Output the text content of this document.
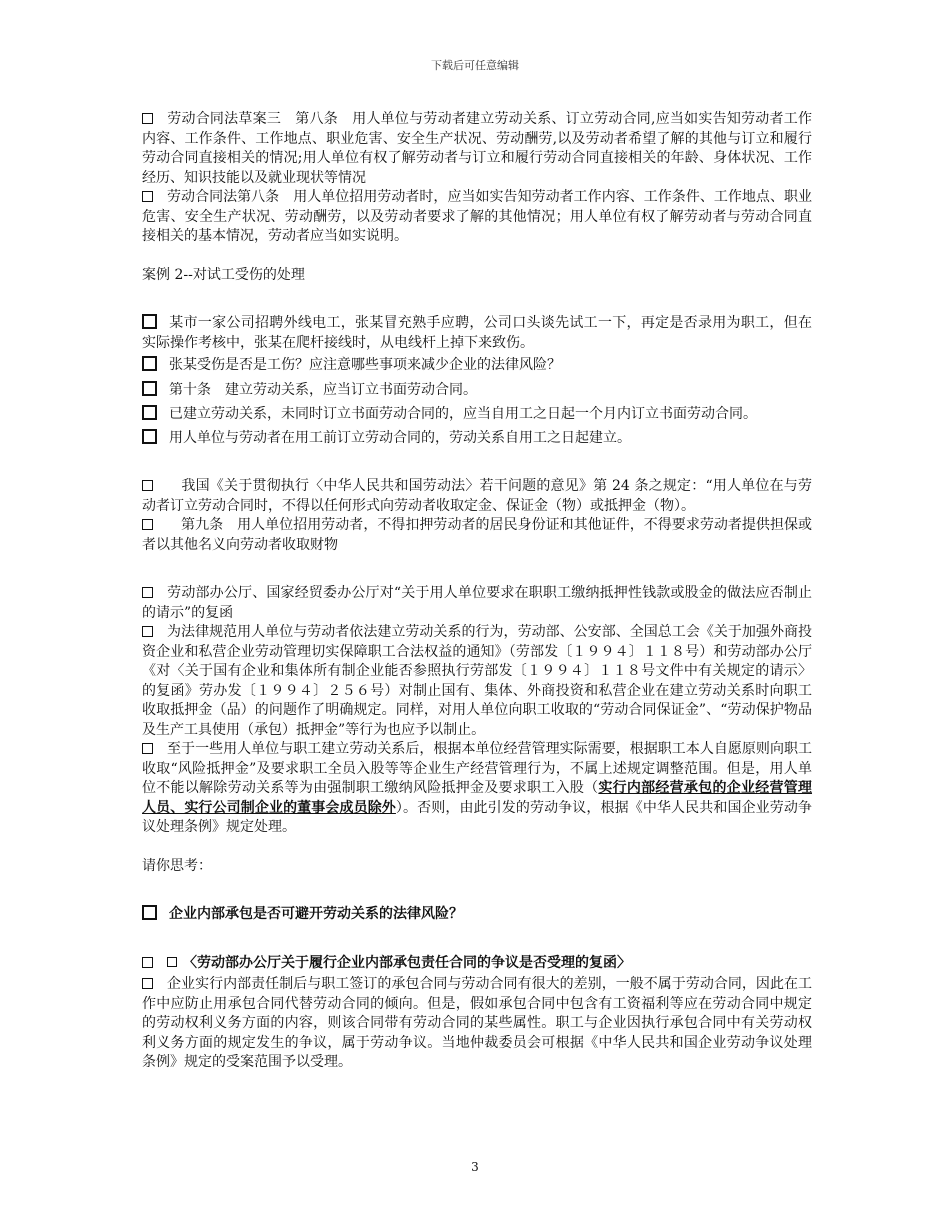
下载后可任意编辑

劳动合同法草案三　第八条　用人单位与劳动者建立劳动关系、订立劳动合同,应当如实告知劳动者工作内容、工作条件、工作地点、职业危害、安全生产状况、劳动酬劳,以及劳动者希望了解的其他与订立和履行劳动合同直接相关的情况;用人单位有权了解劳动者与订立和履行劳动合同直接相关的年龄、身体状况、工作经历、知识技能以及就业现状等情况

劳动合同法第八条　用人单位招用劳动者时，应当如实告知劳动者工作内容、工作条件、工作地点、职业危害、安全生产状况、劳动酬劳，以及劳动者要求了解的其他情况；用人单位有权了解劳动者与劳动合同直接相关的基本情况，劳动者应当如实说明。

案例 2--对试工受伤的处理

某市一家公司招聘外线电工，张某冒充熟手应聘，公司口头谈先试工一下，再定是否录用为职工，但在实际操作考核中，张某在爬杆接线时，从电线杆上掉下来致伤。

张某受伤是否是工伤？应注意哪些事项来减少企业的法律风险？

第十条　建立劳动关系，应当订立书面劳动合同。

已建立劳动关系，未同时订立书面劳动合同的，应当自用工之日起一个月内订立书面劳动合同。

用人单位与劳动者在用工前订立劳动合同的，劳动关系自用工之日起建立。

　我国《关于贯彻执行〈中华人民共和国劳动法〉若干问题的意见》第 24 条之规定：“用人单位在与劳动者订立劳动合同时，不得以任何形式向劳动者收取定金、保证金（物）或抵押金（物）。

　第九条　用人单位招用劳动者，不得扣押劳动者的居民身份证和其他证件，不得要求劳动者提供担保或者以其他名义向劳动者收取财物

劳动部办公厅、国家经贸委办公厅对“关于用人单位要求在职职工缴纳抵押性钱款或股金的做法应否制止的请示”的复函

为法律规范用人单位与劳动者依法建立劳动关系的行为，劳动部、公安部、全国总工会《关于加强外商投资企业和私营企业劳动管理切实保障职工合法权益的通知》（劳部发〔１９９４〕１１８号）和劳动部办公厅《对〈关于国有企业和集体所有制企业能否参照执行劳部发〔１９９４〕１１８号文件中有关规定的请示〉的复函》劳办发〔１９９４〕２５６号）对制止国有、集体、外商投资和私营企业在建立劳动关系时向职工收取抵押金（品）的问题作了明确规定。同样，对用人单位向职工收取的“劳动合同保证金”、“劳动保护物品及生产工具使用（承包）抵押金”等行为也应予以制止。

至于一些用人单位与职工建立劳动关系后，根据本单位经营管理实际需要，根据职工本人自愿原则向职工收取“风险抵押金”及要求职工全员入股等等企业生产经营管理行为，不属上述规定调整范围。但是，用人单位不能以解除劳动关系等为由强制职工缴纳风险抵押金及要求职工入股（实行内部经营承包的企业经营管理人员、实行公司制企业的董事会成员除外）。否则，由此引发的劳动争议，根据《中华人民共和国企业劳动争议处理条例》规定处理。

请你思考：

企业内部承包是否可避开劳动关系的法律风险？

〈劳动部办公厅关于履行企业内部承包责任合同的争议是否受理的复函〉

企业实行内部责任制后与职工签订的承包合同与劳动合同有很大的差别，一般不属于劳动合同，因此在工作中应防止用承包合同代替劳动合同的倾向。但是，假如承包合同中包含有工资福利等应在劳动合同中规定的劳动权利义务方面的内容，则该合同带有劳动合同的某些属性。职工与企业因执行承包合同中有关劳动权利义务方面的规定发生的争议，属于劳动争议。当地仲裁委员会可根据《中华人民共和国企业劳动争议处理条例》规定的受案范围予以受理。

3
